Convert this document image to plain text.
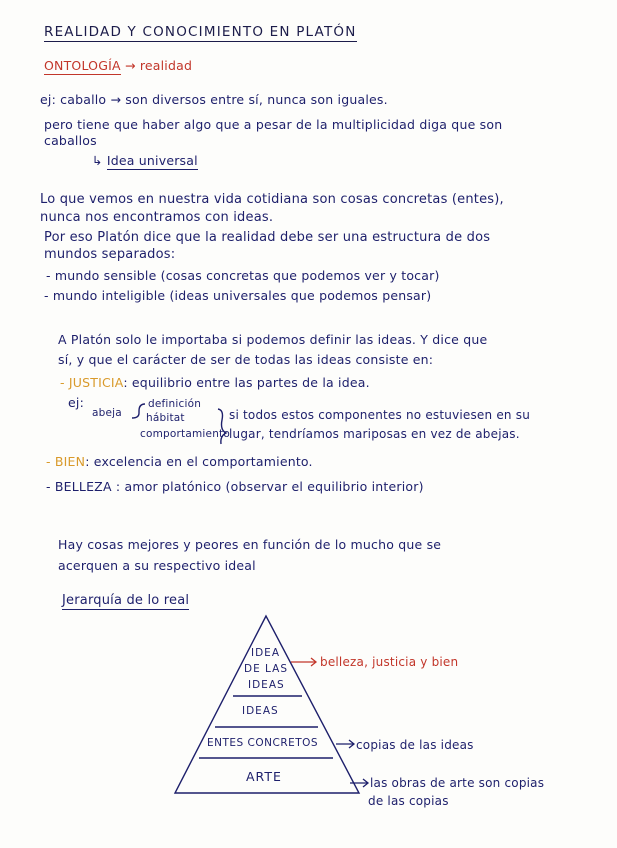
REALIDAD Y CONOCIMIENTO EN PLATÓN
ONTOLOGÍA → realidad
ej: caballo → son diversos entre sí, nunca son iguales.
pero tiene que haber algo que a pesar de la multiplicidad diga que son
caballos
↳ Idea universal
Lo que vemos en nuestra vida cotidiana son cosas concretas (entes),
nunca nos encontramos con ideas.
Por eso Platón dice que la realidad debe ser una estructura de dos
mundos separados:
- mundo sensible (cosas concretas que podemos ver y tocar)
- mundo inteligible (ideas universales que podemos pensar)
A Platón solo le importaba si podemos definir las ideas. Y dice que
sí, y que el carácter de ser de todas las ideas consiste en:
- JUSTICIA: equilibrio entre las partes de la idea.
ej:
abeja
definición
hábitat
comportamiento
si todos estos componentes no estuviesen en su
lugar, tendríamos mariposas en vez de abejas.
- BIEN: excelencia en el comportamiento.
- BELLEZA : amor platónico (observar el equilibrio interior)
Hay cosas mejores y peores en función de lo mucho que se
acerquen a su respectivo ideal
Jerarquía de lo real
IDEA
DE LAS
IDEAS
IDEAS
ENTES CONCRETOS
ARTE
belleza, justicia y bien
copias de las ideas
las obras de arte son copias
de las copias
